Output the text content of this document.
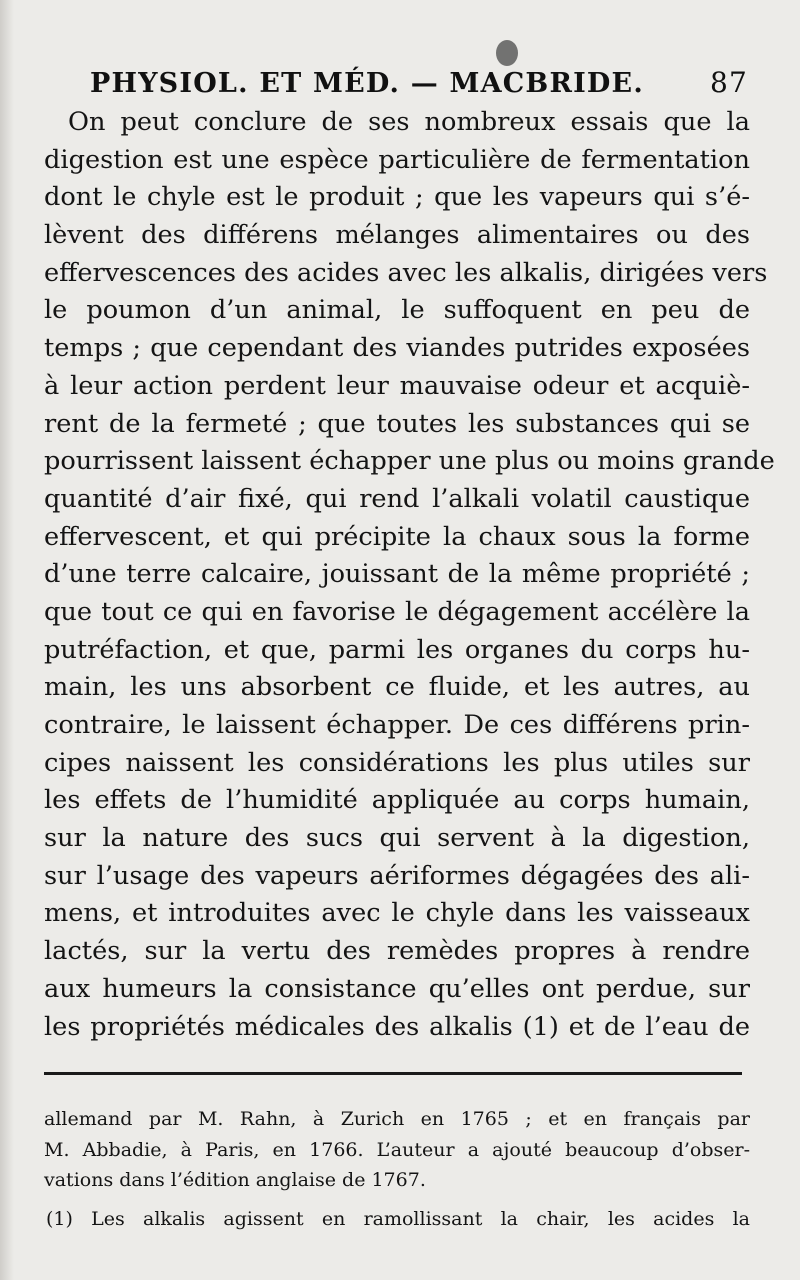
PHYSIOL. ET MÉD. — MACBRIDE. 87
On peut conclure de ses nombreux essais que la
digestion est une espèce particulière de fermentation
dont le chyle est le produit ; que les vapeurs qui s’é-
lèvent des différens mélanges alimentaires ou des
effervescences des acides avec les alkalis, dirigées vers
le poumon d’un animal, le suffoquent en peu de
temps ; que cependant des viandes putrides exposées
à leur action perdent leur mauvaise odeur et acquiè-
rent de la fermeté ; que toutes les substances qui se
pourrissent laissent échapper une plus ou moins grande
quantité d’air fixé, qui rend l’alkali volatil caustique
effervescent, et qui précipite la chaux sous la forme
d’une terre calcaire, jouissant de la même propriété ;
que tout ce qui en favorise le dégagement accélère la
putréfaction, et que, parmi les organes du corps hu-
main, les uns absorbent ce fluide, et les autres, au
contraire, le laissent échapper. De ces différens prin-
cipes naissent les considérations les plus utiles sur
les effets de l’humidité appliquée au corps humain,
sur la nature des sucs qui servent à la digestion,
sur l’usage des vapeurs aériformes dégagées des ali-
mens, et introduites avec le chyle dans les vaisseaux
lactés, sur la vertu des remèdes propres à rendre
aux humeurs la consistance qu’elles ont perdue, sur
les propriétés médicales des alkalis (1) et de l’eau de
allemand par M. Rahn, à Zurich en 1765 ; et en français par
M. Abbadie, à Paris, en 1766. L’auteur a ajouté beaucoup d’obser-
vations dans l’édition anglaise de 1767.
(1) Les alkalis agissent en ramollissant la chair, les acides la
